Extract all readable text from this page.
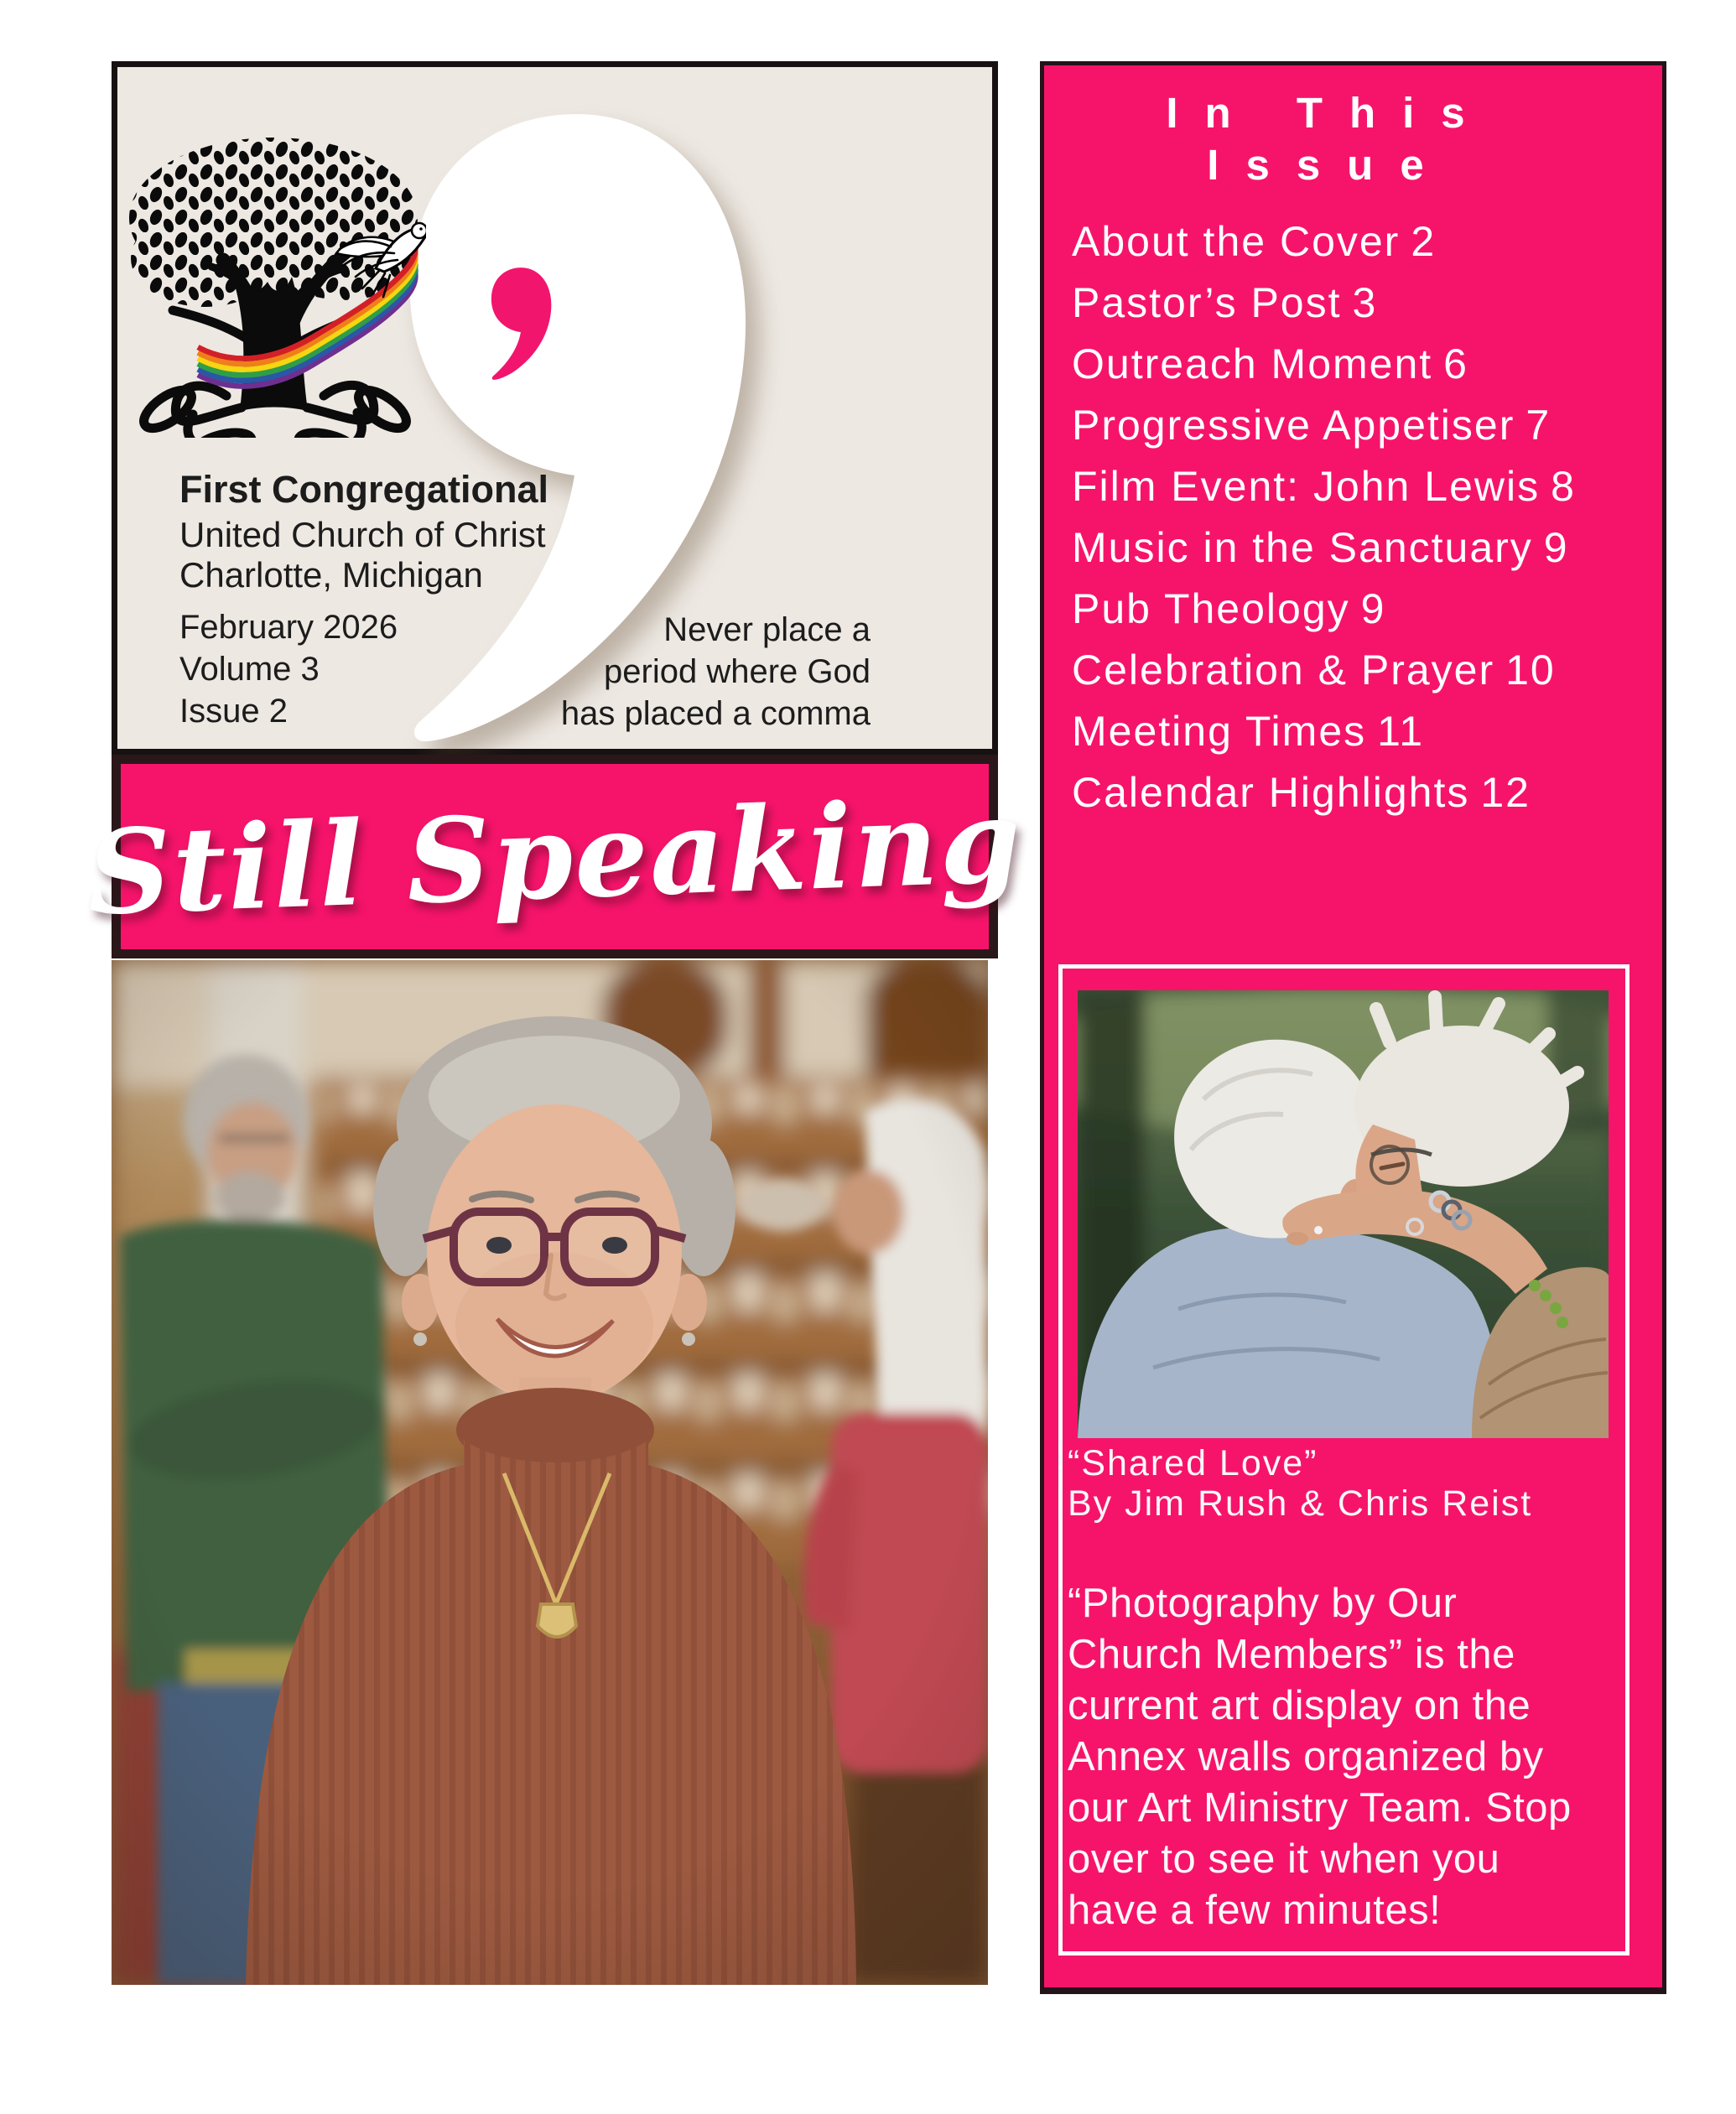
First Congregational
United Church of Christ
Charlotte, Michigan
February 2026
Volume 3
Issue 2
Never place a
period where God
has placed a comma
Still Speaking
In This
Issue
About the Cover 2
Pastor’s Post 3
Outreach Moment 6
Progressive Appetiser 7
Film Event: John Lewis 8
Music in the Sanctuary 9
Pub Theology 9
Celebration & Prayer 10
Meeting Times 11
Calendar Highlights 12
“Shared Love”
By Jim Rush & Chris Reist
“Photography by Our
Church Members” is the
current art display on the
Annex walls organized by
our Art Ministry Team. Stop
over to see it when you
have a few minutes!
